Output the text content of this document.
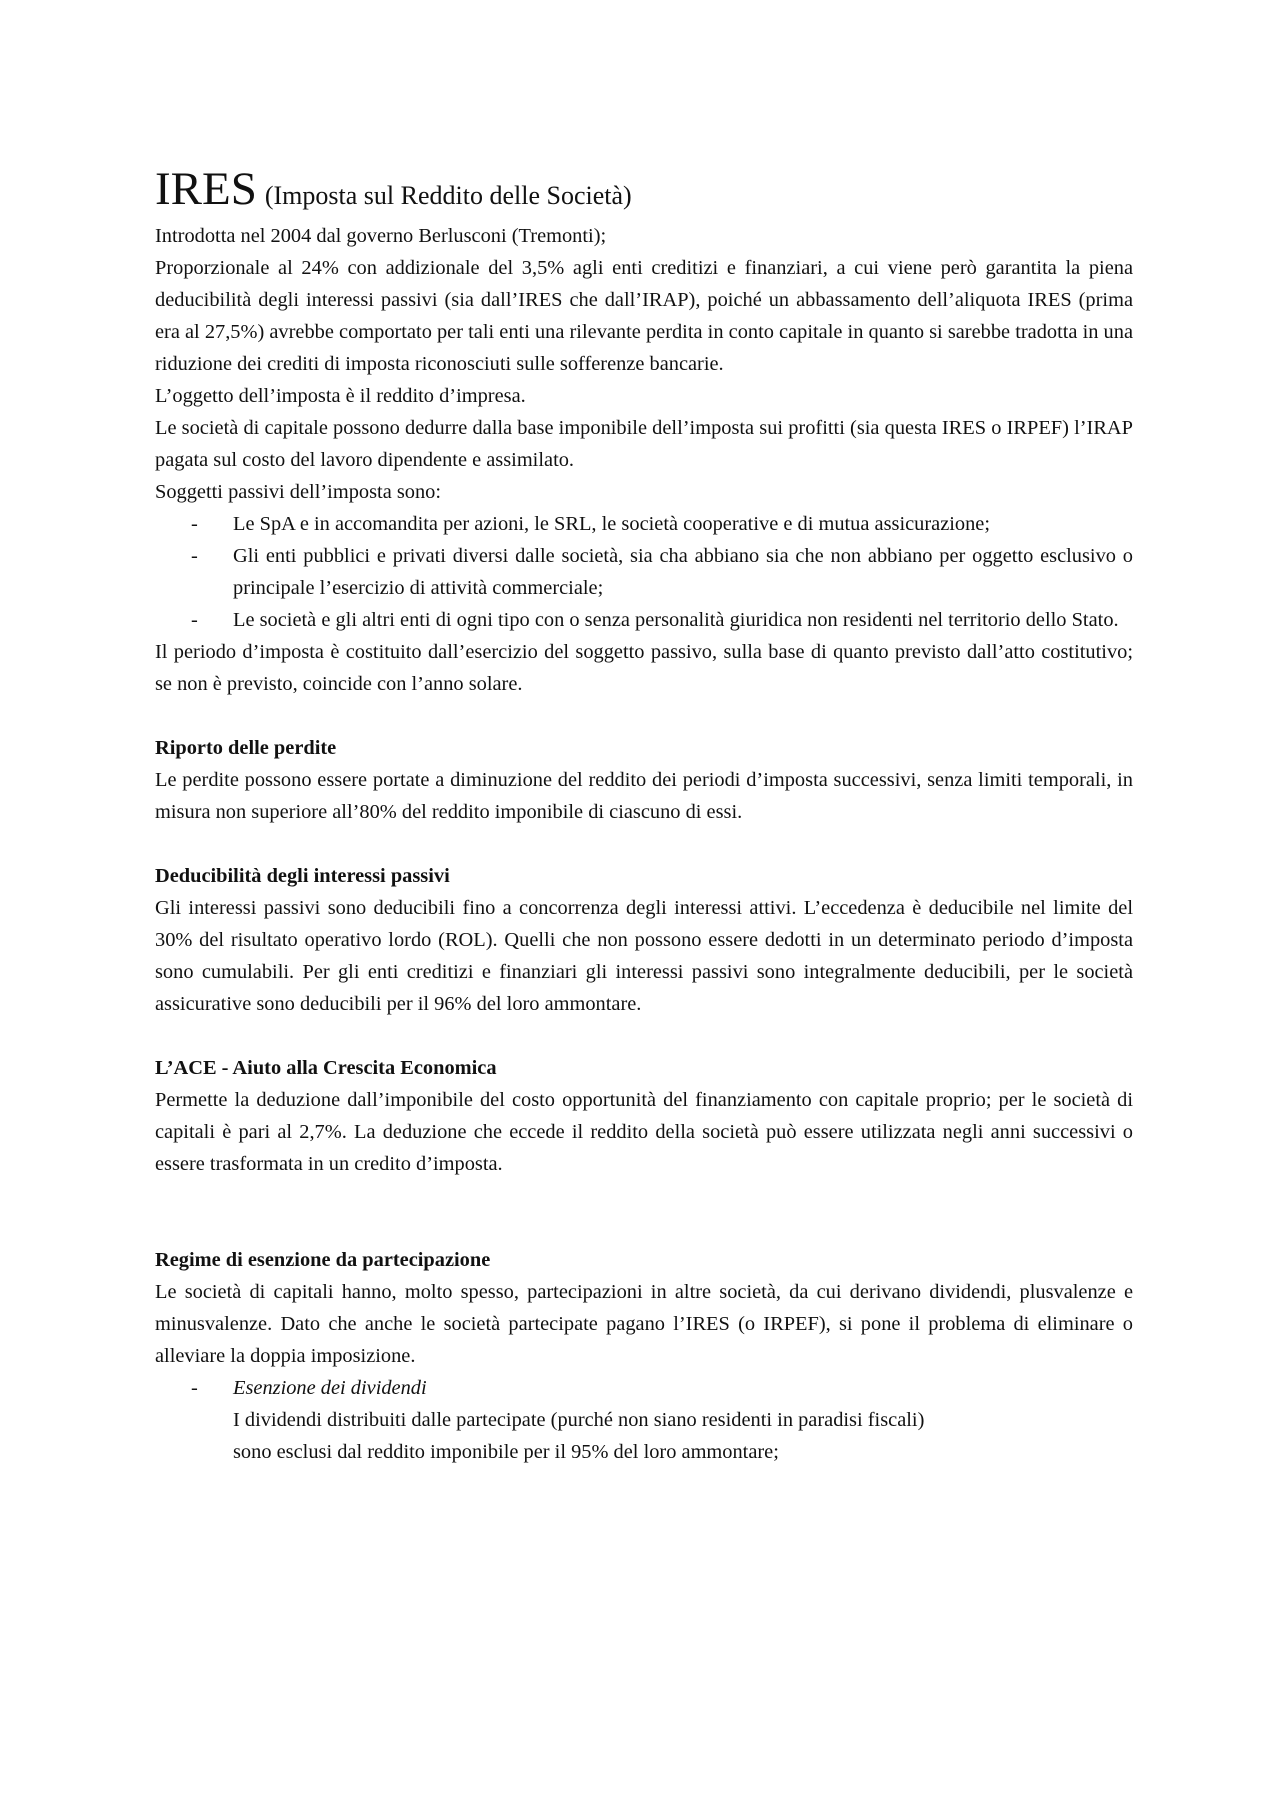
IRES (Imposta sul Reddito delle Società)

Introdotta nel 2004 dal governo Berlusconi (Tremonti);

Proporzionale al 24% con addizionale del 3,5% agli enti creditizi e finanziari, a cui viene però garantita la piena deducibilità degli interessi passivi (sia dall’IRES che dall’IRAP), poiché un abbassamento dell’aliquota IRES (prima era al 27,5%) avrebbe comportato per tali enti una rilevante perdita in conto capitale in quanto si sarebbe tradotta in una riduzione dei crediti di imposta riconosciuti sulle sofferenze bancarie.

L’oggetto dell’imposta è il reddito d’impresa.

Le società di capitale possono dedurre dalla base imponibile dell’imposta sui profitti (sia questa IRES o IRPEF) l’IRAP pagata sul costo del lavoro dipendente e assimilato.

Soggetti passivi dell’imposta sono:

- Le SpA e in accomandita per azioni, le SRL, le società cooperative e di mutua assicurazione;
- Gli enti pubblici e privati diversi dalle società, sia cha abbiano sia che non abbiano per oggetto esclusivo o principale l’esercizio di attività commerciale;
- Le società e gli altri enti di ogni tipo con o senza personalità giuridica non residenti nel territorio dello Stato.

Il periodo d’imposta è costituito dall’esercizio del soggetto passivo, sulla base di quanto previsto dall’atto costitutivo; se non è previsto, coincide con l’anno solare.

Riporto delle perdite

Le perdite possono essere portate a diminuzione del reddito dei periodi d’imposta successivi, senza limiti temporali, in misura non superiore all’80% del reddito imponibile di ciascuno di essi.

Deducibilità degli interessi passivi

Gli interessi passivi sono deducibili fino a concorrenza degli interessi attivi. L’eccedenza è deducibile nel limite del 30% del risultato operativo lordo (ROL). Quelli che non possono essere dedotti in un determinato periodo d’imposta sono cumulabili. Per gli enti creditizi e finanziari gli interessi passivi sono integralmente deducibili, per le società assicurative sono deducibili per il 96% del loro ammontare.

L’ACE - Aiuto alla Crescita Economica

Permette la deduzione dall’imponibile del costo opportunità del finanziamento con capitale proprio; per le società di capitali è pari al 2,7%. La deduzione che eccede il reddito della società può essere utilizzata negli anni successivi o essere trasformata in un credito d’imposta.

Regime di esenzione da partecipazione

Le società di capitali hanno, molto spesso, partecipazioni in altre società, da cui derivano dividendi, plusvalenze e minusvalenze. Dato che anche le società partecipate pagano l’IRES (o IRPEF), si pone il problema di eliminare o alleviare la doppia imposizione.

- Esenzione dei dividendi
I dividendi distribuiti dalle partecipate (purché non siano residenti in paradisi fiscali)
sono esclusi dal reddito imponibile per il 95% del loro ammontare;
